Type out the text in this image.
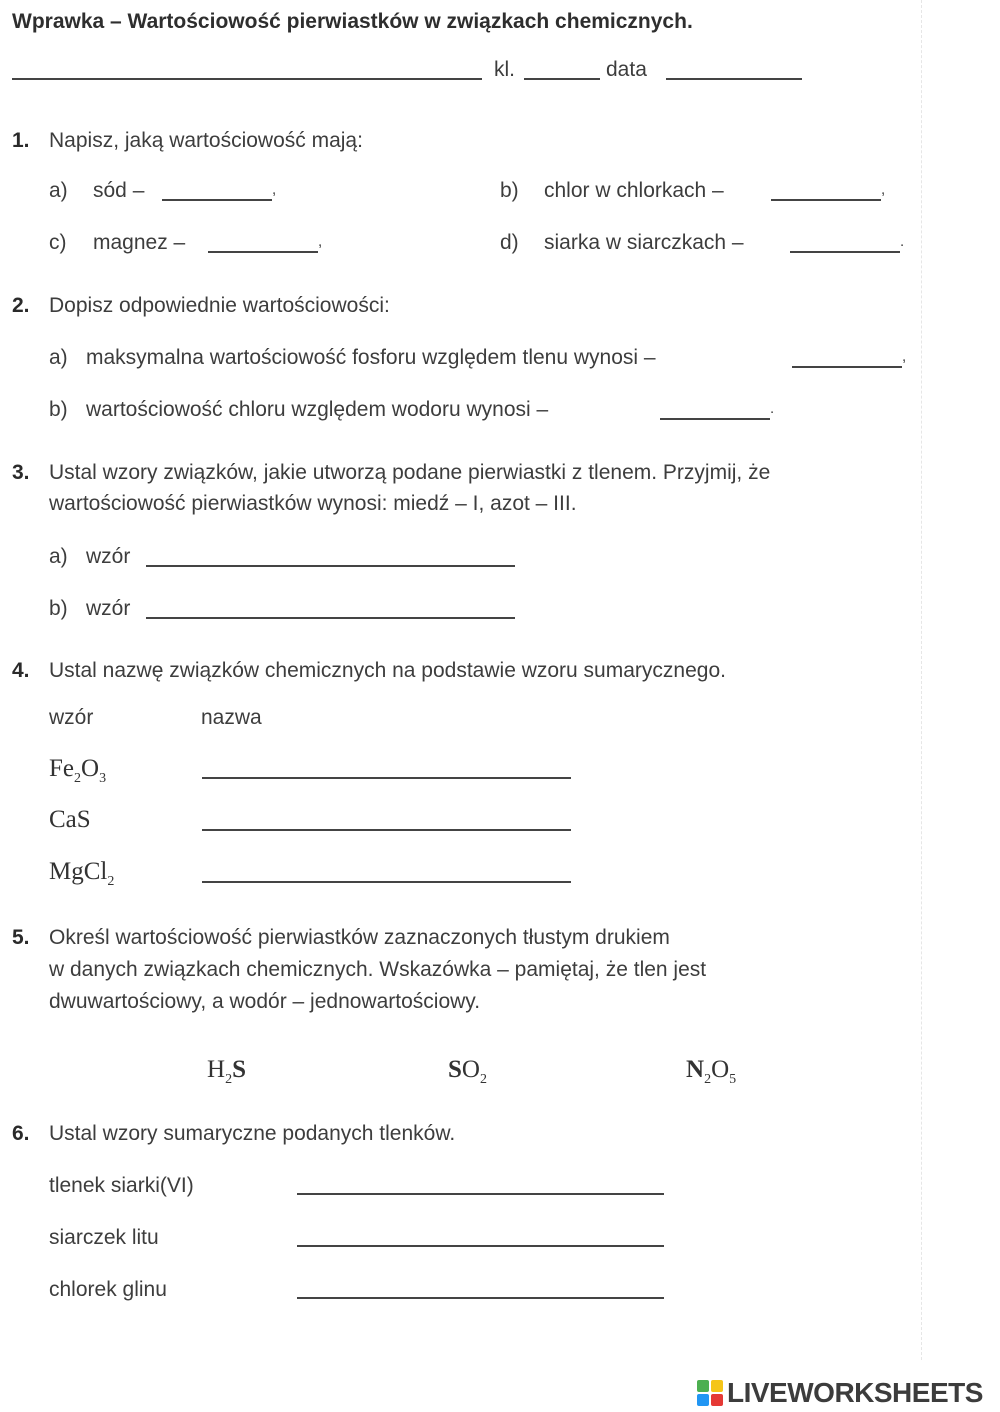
Wprawka – Wartościowość pierwiastków w związkach chemicznych.
kl.	data
1. Napisz, jaką wartościowość mają:
a) sód –	,	b) chlor w chlorkach –	,
c) magnez –	,	d) siarka w siarczkach –	.
2. Dopisz odpowiednie wartościowości:
a) maksymalna wartościowość fosforu względem tlenu wynosi –	,
b) wartościowość chloru względem wodoru wynosi –	.
3. Ustal wzory związków, jakie utworzą podane pierwiastki z tlenem. Przyjmij, że
wartościowość pierwiastków wynosi: miedź – I, azot – III.
a) wzór
b) wzór
4. Ustal nazwę związków chemicznych na podstawie wzoru sumarycznego.
wzór	nazwa
$Fe_2O_3$
CaS
MgCl$_2$
5. Określ wartościowość pierwiastków zaznaczonych tłustym drukiem
w danych związkach chemicznych. Wskazówka – pamiętaj, że tlen jest
dwuwartościowy, a wodór – jednowartościowy.
$H_2S$	$SO_2$	$N_2O_5$
6. Ustal wzory sumaryczne podanych tlenków.
tlenek siarki(VI)
siarczek litu
chlorek glinu
LIVEWORKSHEETS
